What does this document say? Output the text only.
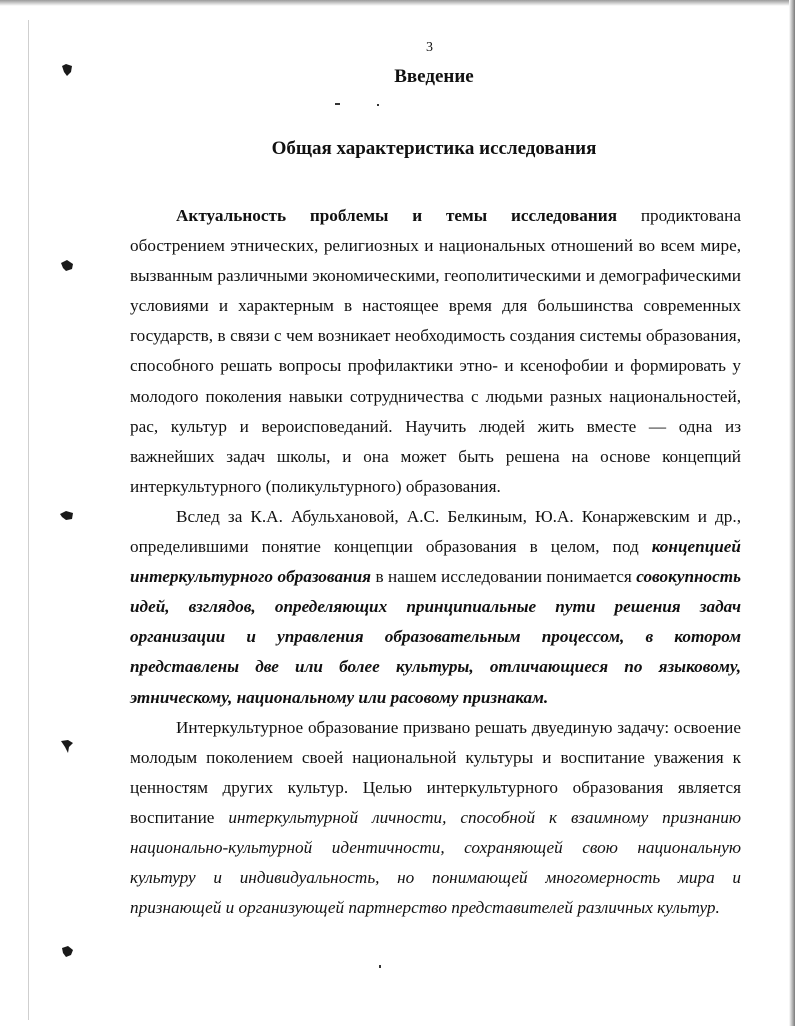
3
Введение
Общая характеристика исследования

Актуальность проблемы и темы исследования продиктована обострением этнических, религиозных и национальных отношений во всем мире, вызванным различными экономическими, геополитическими и демографическими условиями и характерным в настоящее время для большинства современных государств, в связи с чем возникает необходимость создания системы образования, способного решать вопросы профилактики этно- и ксенофобии и формировать у молодого поколения навыки сотрудничества с людьми разных национальностей, рас, культур и вероисповеданий. Научить людей жить вместе — одна из важнейших задач школы, и она может быть решена на основе концепций интеркультурного (поликультурного) образования.

Вслед за К.А. Абульхановой, А.С. Белкиным, Ю.А. Конаржевским и др., определившими понятие концепции образования в целом, под концепцией интеркультурного образования в нашем исследовании понимается совокупность идей, взглядов, определяющих принципиальные пути решения задач организации и управления образовательным процессом, в котором представлены две или более культуры, отличающиеся по языковому, этническому, национальному или расовому признакам.

Интеркультурное образование призвано решать двуединую задачу: освоение молодым поколением своей национальной культуры и воспитание уважения к ценностям других культур. Целью интеркультурного образования является воспитание интеркультурной личности, способной к взаимному признанию национально-культурной идентичности, сохраняющей свою национальную культуру и индивидуальность, но понимающей многомерность мира и признающей и организующей партнерство представителей различных культур.
